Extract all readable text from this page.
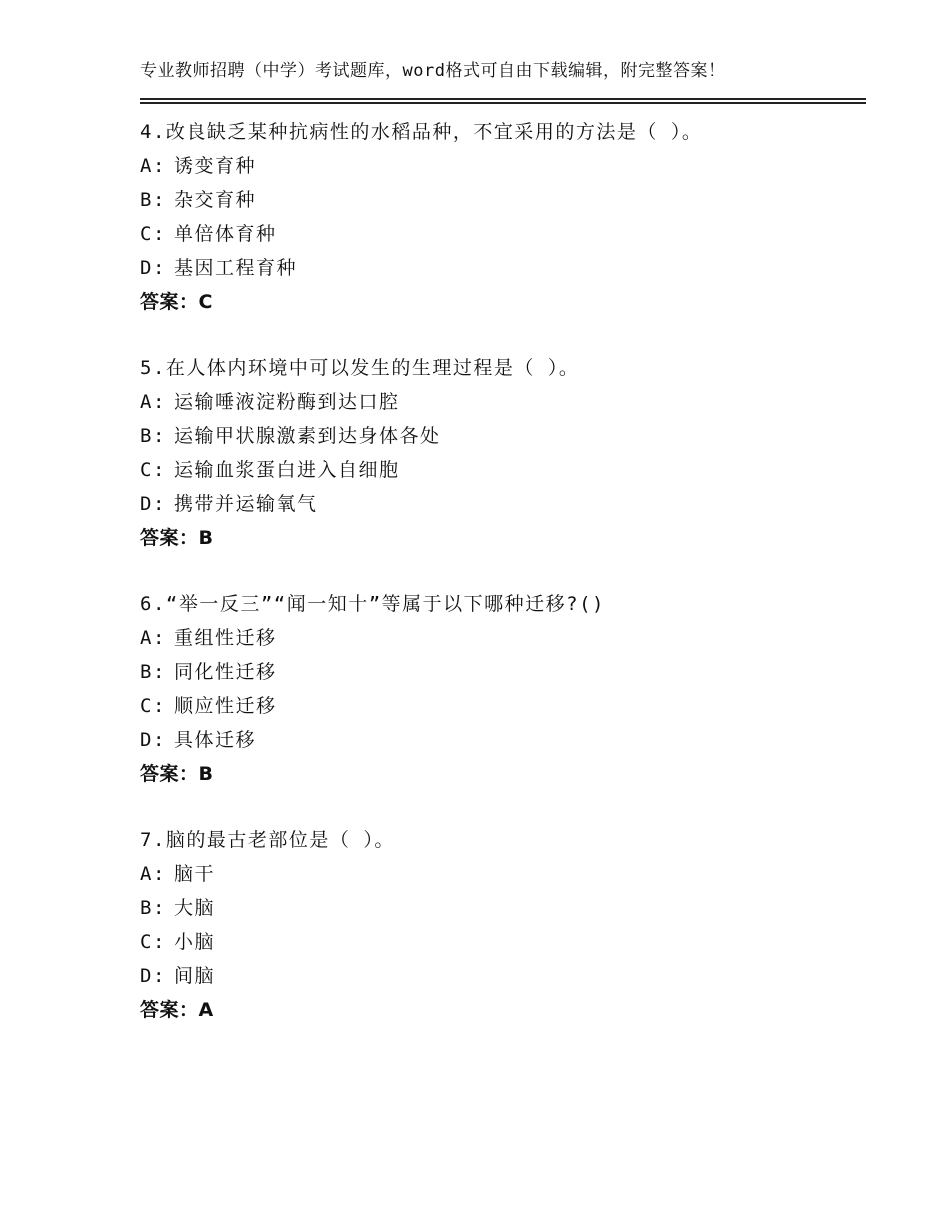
专业教师招聘（中学）考试题库，word格式可自由下载编辑，附完整答案！
4.改良缺乏某种抗病性的水稻品种，不宜采用的方法是（ ）。
A: 诱变育种
B: 杂交育种
C: 单倍体育种
D: 基因工程育种
答案：C
5.在人体内环境中可以发生的生理过程是（ ）。
A: 运输唾液淀粉酶到达口腔
B: 运输甲状腺激素到达身体各处
C: 运输血浆蛋白进入自细胞
D: 携带并运输氧气
答案：B
6.“举一反三”“闻一知十”等属于以下哪种迁移?()
A: 重组性迁移
B: 同化性迁移
C: 顺应性迁移
D: 具体迁移
答案：B
7.脑的最古老部位是（ ）。
A: 脑干
B: 大脑
C: 小脑
D: 间脑
答案：A
